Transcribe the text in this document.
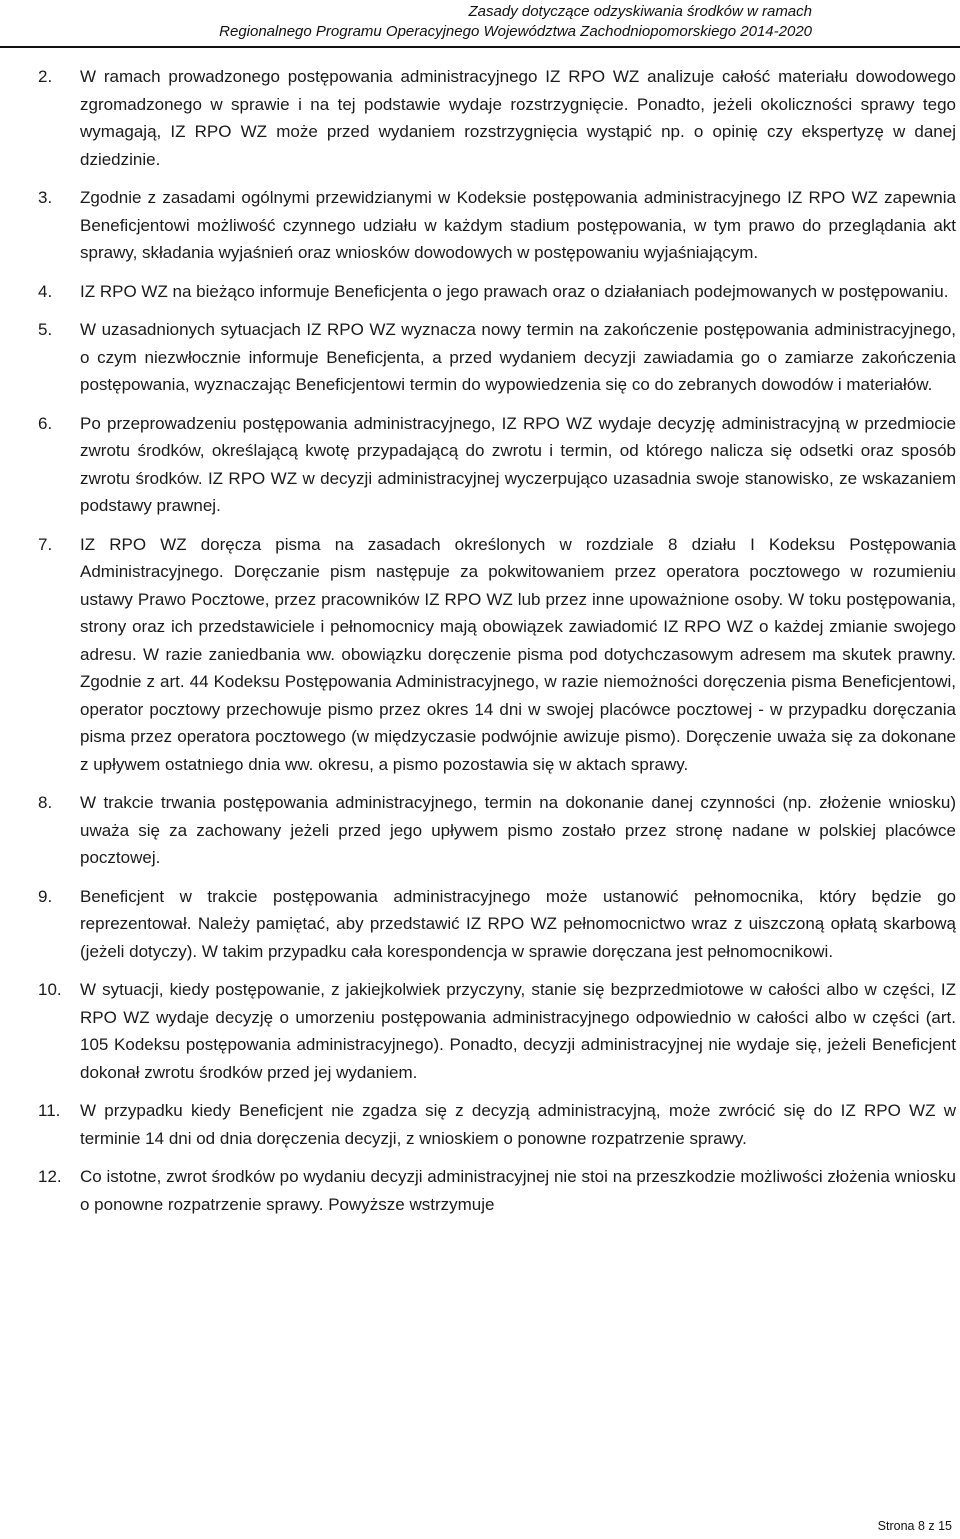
Zasady dotyczące odzyskiwania środków w ramach
Regionalnego Programu Operacyjnego Województwa Zachodniopomorskiego 2014-2020
2.	W ramach prowadzonego postępowania administracyjnego IZ RPO WZ analizuje całość materiału dowodowego zgromadzonego w sprawie i na tej podstawie wydaje rozstrzygnięcie. Ponadto, jeżeli okoliczności sprawy tego wymagają, IZ RPO WZ może przed wydaniem rozstrzygnięcia wystąpić np. o opinię czy ekspertyzę w danej dziedzinie.

3.	Zgodnie z zasadami ogólnymi przewidzianymi w Kodeksie postępowania administracyjnego IZ RPO WZ zapewnia Beneficjentowi możliwość czynnego udziału w każdym stadium postępowania, w tym prawo do przeglądania akt sprawy, składania wyjaśnień oraz wniosków dowodowych w postępowaniu wyjaśniającym.

4.	IZ RPO WZ na bieżąco informuje Beneficjenta o jego prawach oraz o działaniach podejmowanych w postępowaniu.

5.	W uzasadnionych sytuacjach IZ RPO WZ wyznacza nowy termin na zakończenie postępowania administracyjnego, o czym niezwłocznie informuje Beneficjenta, a przed wydaniem decyzji zawiadamia go o zamiarze zakończenia postępowania, wyznaczając Beneficjentowi termin do wypowiedzenia się co do zebranych dowodów i materiałów.

6.	Po przeprowadzeniu postępowania administracyjnego, IZ RPO WZ wydaje decyzję administracyjną w przedmiocie zwrotu środków, określającą kwotę przypadającą do zwrotu i termin, od którego nalicza się odsetki oraz sposób zwrotu środków. IZ RPO WZ w decyzji administracyjnej wyczerpująco uzasadnia swoje stanowisko, ze wskazaniem podstawy prawnej.

7.	IZ RPO WZ doręcza pisma na zasadach określonych w rozdziale 8 działu I Kodeksu Postępowania Administracyjnego. Doręczanie pism następuje za pokwitowaniem przez operatora pocztowego w rozumieniu ustawy Prawo Pocztowe, przez pracowników IZ RPO WZ lub przez inne upoważnione osoby. W toku postępowania, strony oraz ich przedstawiciele i pełnomocnicy mają obowiązek zawiadomić IZ RPO WZ o każdej zmianie swojego adresu. W razie zaniedbania ww. obowiązku doręczenie pisma pod dotychczasowym adresem ma skutek prawny. Zgodnie z art. 44 Kodeksu Postępowania Administracyjnego, w razie niemożności doręczenia pisma Beneficjentowi, operator pocztowy przechowuje pismo przez okres 14 dni w swojej placówce pocztowej - w przypadku doręczania pisma przez operatora pocztowego (w międzyczasie podwójnie awizuje pismo). Doręczenie uważa się za dokonane z upływem ostatniego dnia ww. okresu, a pismo pozostawia się w aktach sprawy.

8.	W trakcie trwania postępowania administracyjnego, termin na dokonanie danej czynności (np. złożenie wniosku) uważa się za zachowany jeżeli przed jego upływem pismo zostało przez stronę nadane w polskiej placówce pocztowej.

9.	Beneficjent w trakcie postępowania administracyjnego może ustanowić pełnomocnika, który będzie go reprezentował. Należy pamiętać, aby przedstawić IZ RPO WZ pełnomocnictwo wraz z uiszczoną opłatą skarbową (jeżeli dotyczy). W takim przypadku cała korespondencja w sprawie doręczana jest pełnomocnikowi.

10.	W sytuacji, kiedy postępowanie, z jakiejkolwiek przyczyny, stanie się bezprzedmiotowe w całości albo w części, IZ RPO WZ wydaje decyzję o umorzeniu postępowania administracyjnego odpowiednio w całości albo w części (art. 105 Kodeksu postępowania administracyjnego). Ponadto, decyzji administracyjnej nie wydaje się, jeżeli Beneficjent dokonał zwrotu środków przed jej wydaniem.

11.	W przypadku kiedy Beneficjent nie zgadza się z decyzją administracyjną, może zwrócić się do IZ RPO WZ w terminie 14 dni od dnia doręczenia decyzji, z wnioskiem o ponowne rozpatrzenie sprawy.

12.	Co istotne, zwrot środków po wydaniu decyzji administracyjnej nie stoi na przeszkodzie możliwości złożenia wniosku o ponowne rozpatrzenie sprawy. Powyższe wstrzymuje

Strona 8 z 15
